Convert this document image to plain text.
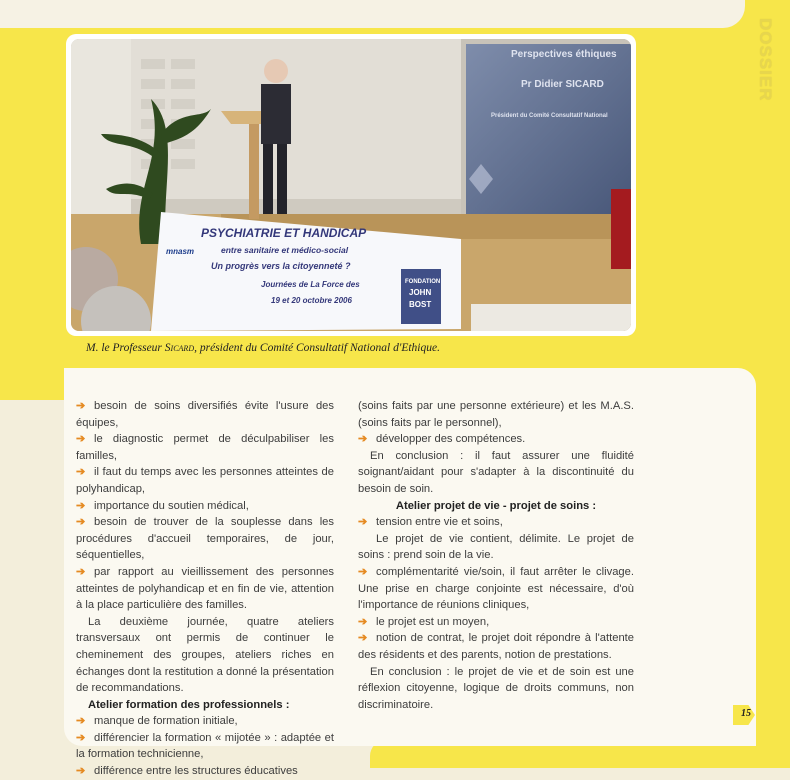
DOSSIER
Perspectives éthiques
Pr Didier SICARD
Président du Comité Consultatif National
PSYCHIATRIE ET HANDICAP
entre sanitaire et médico-social
Un progrès vers la citoyenneté ?
Journées de La Force des
19 et 20 octobre 2006
mnasm
FONDATION
JOHN
BOST
M. le Professeur Sicard, président du Comité Consultatif National d'Ethique.

➔ besoin de soins diversifiés évite l'usure des équipes,

➔ le diagnostic permet de déculpabiliser les familles,

➔ il faut du temps avec les personnes atteintes de polyhandicap,

➔ importance du soutien médical,

➔ besoin de trouver de la souplesse dans les procédures d'accueil temporaires, de jour, séquentielles,

➔ par rapport au vieillissement des personnes atteintes de polyhandicap et en fin de vie, attention à la place particulière des familles.

La deuxième journée, quatre ateliers transversaux ont permis de continuer le cheminement des groupes, ateliers riches en échanges dont la restitution a donné la présentation de recommandations.

Atelier formation des professionnels :

➔ manque de formation initiale,

➔ différencier la formation « mijotée » : adaptée et la formation technicienne,

➔ différence entre les structures éducatives

(soins faits par une personne extérieure) et les M.A.S. (soins faits par le personnel),

➔ développer des compétences.

En conclusion : il faut assurer une fluidité soignant/aidant pour s'adapter à la discontinuité du besoin de soin.

Atelier projet de vie - projet de soins :

➔ tension entre vie et soins,

Le projet de vie contient, délimite. Le projet de soins : prend soin de la vie.

➔ complémentarité vie/soin, il faut arrêter le clivage. Une prise en charge conjointe est nécessaire, d'où l'importance de réunions cliniques,

➔ le projet est un moyen,

➔ notion de contrat, le projet doit répondre à l'attente des résidents et des parents, notion de prestations.

En conclusion : le projet de vie et de soin est une réflexion citoyenne, logique de droits communs, non discriminatoire.

15
